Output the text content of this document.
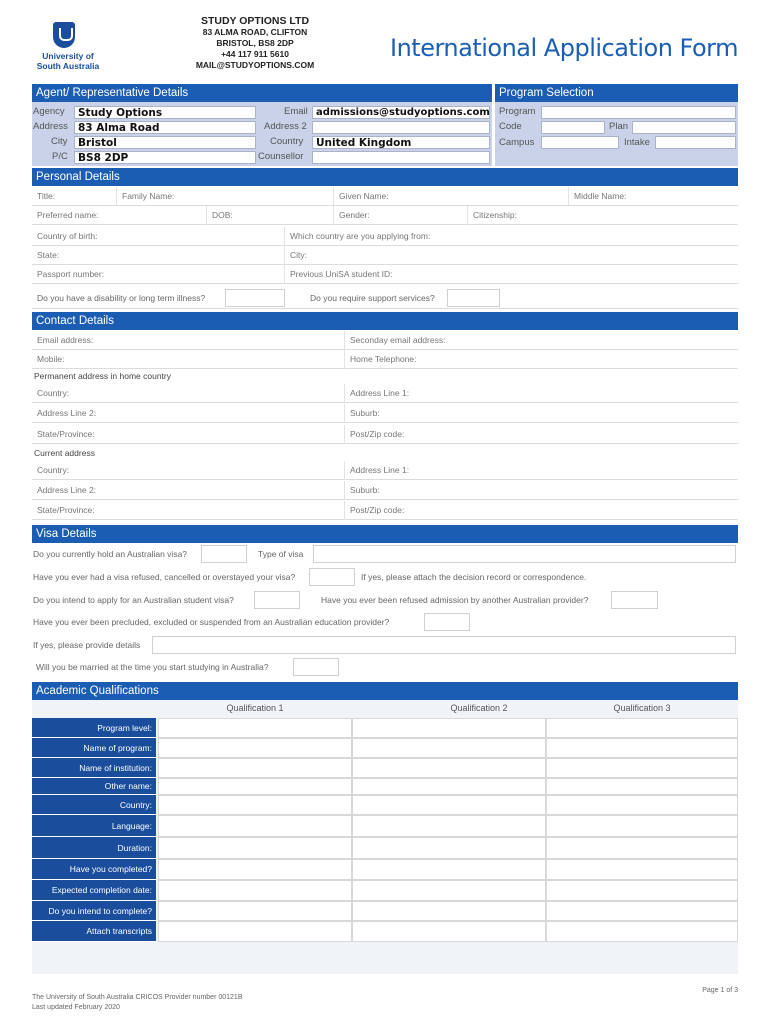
University of
South Australia
STUDY OPTIONS LTD
83 ALMA ROAD, CLIFTON
BRISTOL, BS8 2DP
+44 117 911 5610
MAIL@STUDYOPTIONS.COM
International Application Form
Agent/ Representative Details	Program Selection
Agency	Study Options
Address 83 Alma Road
City	Bristol
P/C BS8 2DP
Email admissions@studyoptions.com
Address 2
Country	United Kingdom
Counsellor
Program
Code	Plan
Campus	Intake
Personal Details
Title:	Family Name:	Given Name:	Middle Name:
Preferred name:	DOB:	Gender:	Citizenship:
Country of birth:	Which country are you applying from:
State:	City:
Passport number:	Previous UniSA student ID:
Do you have a disability or long term illness?	Do you require support services?
Contact Details
Email address:	Seconday email address:
Mobile:	Home Telephone:
Permanent address in home country
Country:	Address Line 1:
Address Line 2:	Suburb:
State/Province:	Post/Zip code:
Current address
Country:	Address Line 1:
Address Line 2:	Suburb:
State/Province:	Post/Zip code:
Visa Details
Do you currently hold an Australian visa?	Type of visa
Have you ever had a visa refused, cancelled or overstayed your visa?	If yes, please attach the decision record or correspondence.
Do you intend to apply for an Australian student visa?	Have you ever been refused admission by another Australian provider?
Have you ever been precluded, excluded or suspended from an Australian education provider?
If yes, please provide details
Will you be married at the time you start studying in Australia?
Academic Qualifications
Qualification 1	Qualification 2	Qualification 3
Program level:
Name of program:
Name of institution:
Other name:
Country:
Language:
Duration:
Have you completed?
Expected completion date:
Do you intend to complete?
Attach transcripts
The University of South Australia CRICOS Provider number 00121B
Last updated February 2020
Page 1 of 3
